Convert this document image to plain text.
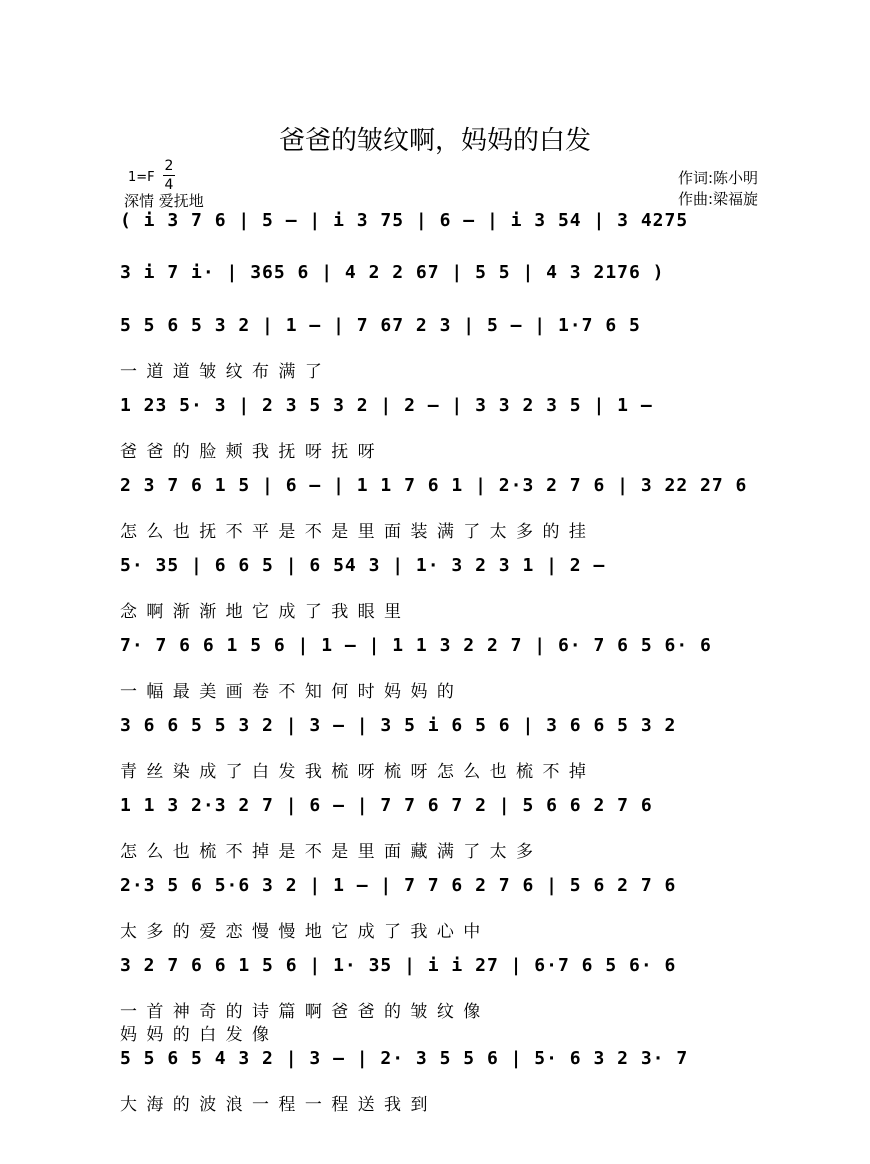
爸爸的皱纹啊，妈妈的白发
1=F
2
4
深情 爱抚地
作词:陈小明
作曲:梁福旋
( i 3 7 6 | 5 – | i 3 75 | 6 – | i 3 54 | 3 4275
3 i 7 i· | 365 6 | 4 2 2 67 | 5 5 | 4 3 2176 )
5 5 6 5 3 2 | 1 – | 7 67 2 3 | 5 – | 1·7 6 5
一 道 道 皱 纹 布 满 了
1 23 5· 3 | 2 3 5 3 2 | 2 – | 3 3 2 3 5 | 1 –
爸 爸 的 脸 颊 我 抚 呀 抚 呀
2 3 7 6 1 5 | 6 – | 1 1 7 6 1 | 2·3 2 7 6 | 3 22 27 6
怎 么 也 抚 不 平 是 不 是 里 面 装 满 了 太 多 的 挂
5· 35 | 6 6 5 | 6 54 3 | 1· 3 2 3 1 | 2 –
念 啊 渐 渐 地 它 成 了 我 眼 里
7· 7 6 6 1 5 6 | 1 – | 1 1 3 2 2 7 | 6· 7 6 5 6· 6
一 幅 最 美 画 卷 不 知 何 时 妈 妈 的
3 6 6 5 5 3 2 | 3 – | 3 5 i 6 5 6 | 3 6 6 5 3 2
青 丝 染 成 了 白 发 我 梳 呀 梳 呀 怎 么 也 梳 不 掉
1 1 3 2·3 2 7 | 6 – | 7 7 6 7 2 | 5 6 6 2 7 6
怎 么 也 梳 不 掉 是 不 是 里 面 藏 满 了 太 多
2·3 5 6 5·6 3 2 | 1 – | 7 7 6 2 7 6 | 5 6 2 7 6
太 多 的 爱 恋 慢 慢 地 它 成 了 我 心 中
3 2 7 6 6 1 5 6 | 1· 35 | i i 27 | 6·7 6 5 6· 6
一 首 神 奇 的 诗 篇 啊 爸 爸 的 皱 纹 像
妈 妈 的 白 发 像
5 5 6 5 4 3 2 | 3 – | 2· 3 5 5 6 | 5· 6 3 2 3· 7
大 海 的 波 浪 一 程 一 程 送 我 到
